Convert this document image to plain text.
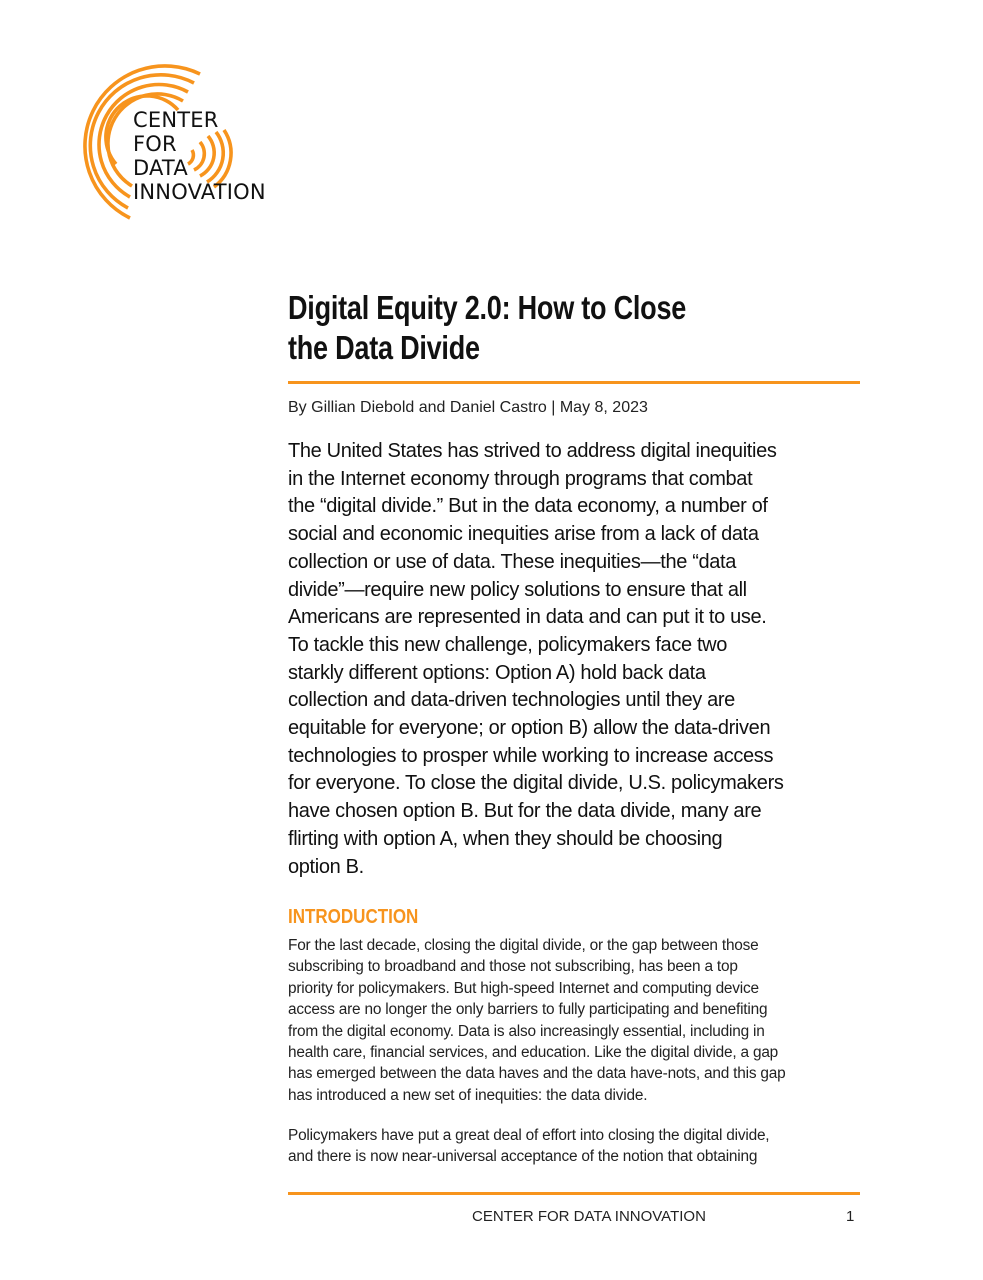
CENTER
FOR
DATA
INNOVATION
Digital Equity 2.0: How to Close
the Data Divide
By Gillian Diebold and Daniel Castro | May 8, 2023
The United States has strived to address digital inequities
in the Internet economy through programs that combat
the “digital divide.” But in the data economy, a number of
social and economic inequities arise from a lack of data
collection or use of data. These inequities—the “data
divide”—require new policy solutions to ensure that all
Americans are represented in data and can put it to use.
To tackle this new challenge, policymakers face two
starkly different options: Option A) hold back data
collection and data-driven technologies until they are
equitable for everyone; or option B) allow the data-driven
technologies to prosper while working to increase access
for everyone. To close the digital divide, U.S. policymakers
have chosen option B. But for the data divide, many are
flirting with option A, when they should be choosing
option B.
INTRODUCTION
For the last decade, closing the digital divide, or the gap between those
subscribing to broadband and those not subscribing, has been a top
priority for policymakers. But high-speed Internet and computing device
access are no longer the only barriers to fully participating and benefiting
from the digital economy. Data is also increasingly essential, including in
health care, financial services, and education. Like the digital divide, a gap
has emerged between the data haves and the data have-nots, and this gap
has introduced a new set of inequities: the data divide.
Policymakers have put a great deal of effort into closing the digital divide,
and there is now near-universal acceptance of the notion that obtaining
CENTER FOR DATA INNOVATION	1
